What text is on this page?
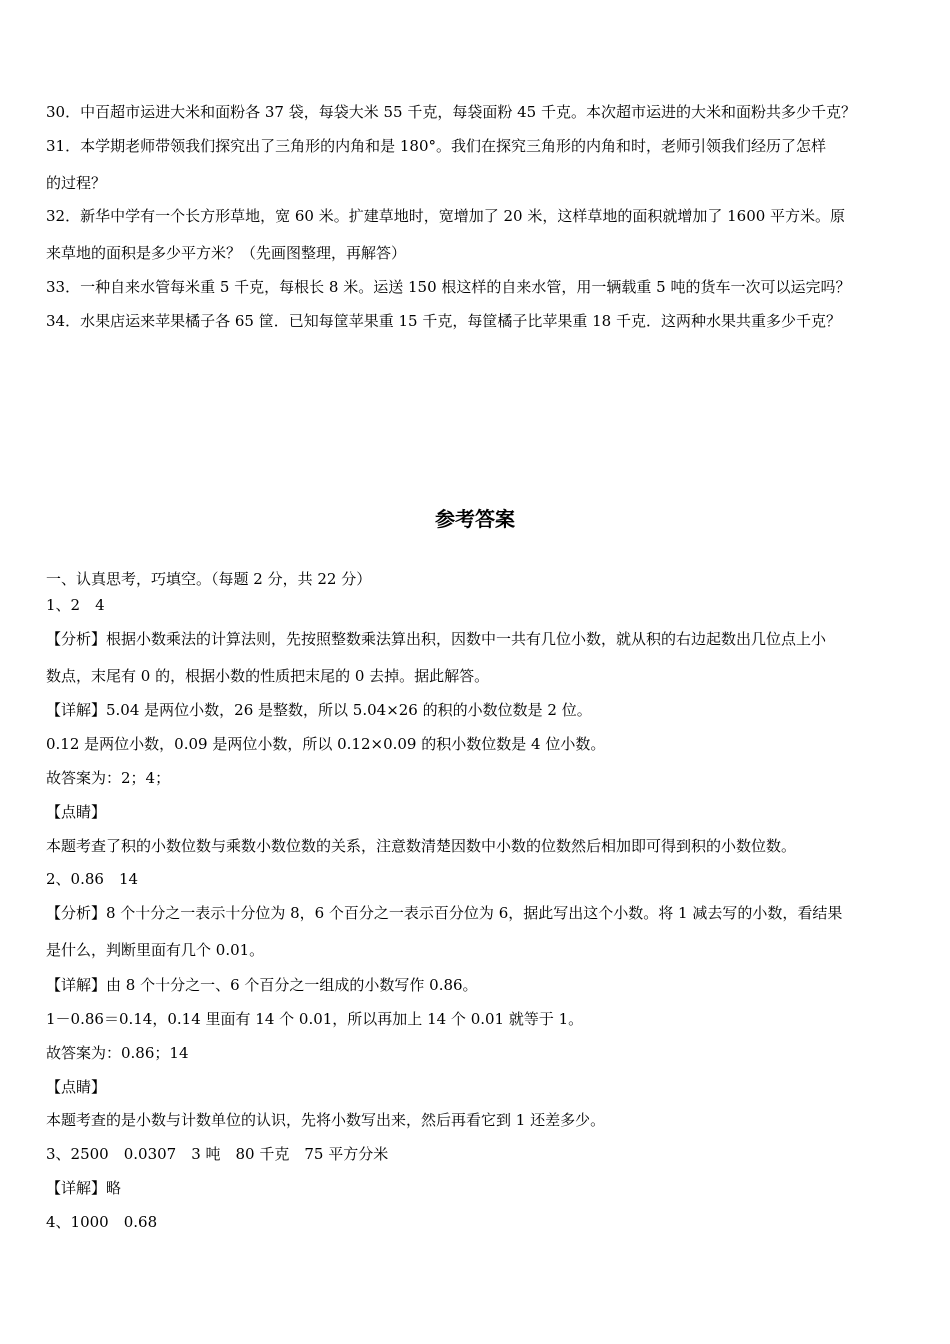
30．中百超市运进大米和面粉各 37 袋，每袋大米 55 千克，每袋面粉 45 千克。本次超市运进的大米和面粉共多少千克？
31．本学期老师带领我们探究出了三角形的内角和是 180°。我们在探究三角形的内角和时，老师引领我们经历了怎样
的过程？
32．新华中学有一个长方形草地，宽 60 米。扩建草地时，宽增加了 20 米，这样草地的面积就增加了 1600 平方米。原
来草地的面积是多少平方米？（先画图整理，再解答）
33．一种自来水管每米重 5 千克，每根长 8 米。运送 150 根这样的自来水管，用一辆载重 5 吨的货车一次可以运完吗？
34．水果店运来苹果橘子各 65 筐．已知每筐苹果重 15 千克，每筐橘子比苹果重 18 千克．这两种水果共重多少千克？
参考答案
一、认真思考，巧填空。（每题 2 分，共 22 分）
1、2　4
【分析】根据小数乘法的计算法则，先按照整数乘法算出积，因数中一共有几位小数，就从积的右边起数出几位点上小
数点，末尾有 0 的，根据小数的性质把末尾的 0 去掉。据此解答。
【详解】5.04 是两位小数，26 是整数，所以 5.04×26 的积的小数位数是 2 位。
0.12 是两位小数，0.09 是两位小数，所以 0.12×0.09 的积小数位数是 4 位小数。
故答案为：2；4；
【点睛】
本题考查了积的小数位数与乘数小数位数的关系，注意数清楚因数中小数的位数然后相加即可得到积的小数位数。
2、0.86　14
【分析】8 个十分之一表示十分位为 8，6 个百分之一表示百分位为 6，据此写出这个小数。将 1 减去写的小数，看结果
是什么，判断里面有几个 0.01。
【详解】由 8 个十分之一、6 个百分之一组成的小数写作 0.86。
1－0.86＝0.14，0.14 里面有 14 个 0.01，所以再加上 14 个 0.01 就等于 1。
故答案为：0.86；14
【点睛】
本题考查的是小数与计数单位的认识，先将小数写出来，然后再看它到 1 还差多少。
3、2500　0.0307　3 吨　80 千克　75 平方分米
【详解】略
4、1000　0.68
